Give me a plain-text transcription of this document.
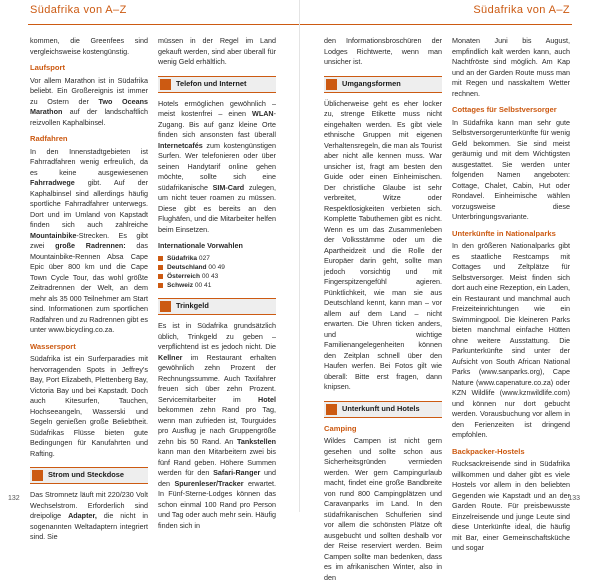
Südafrika von A–Z

kommen, die Greenfees sind vergleichsweise kostengünstig.

Laufsport

Vor allem Marathon ist in Südafrika beliebt. Ein Großereignis ist immer zu Ostern der Two Oceans Marathon auf der landschaftlich reizvollen Kaphalbinsel.

Radfahren

In den Innenstadtgebieten ist Fahrradfahren wenig erfreulich, da es keine ausgewiesenen Fahrradwege gibt. Auf der Kaphalbinsel sind allerdings häufig sportliche Fahrradfahrer unterwegs. Dort und im Umland von Kapstadt finden sich auch zahlreiche Mountainbike-Strecken. Es gibt zwei große Radrennen: das Mountainbike-Rennen Absa Cape Epic über 800 km und die Cape Town Cycle Tour, das wohl größte Zeitradrennen der Welt, an dem mehr als 35 000 Teilnehmer am Start sind. Informationen zum sportlichen Radfahren und zu Radrennen gibt es unter www.bicycling.co.za.

Wassersport

Südafrika ist ein Surferparadies mit hervorragenden Spots in Jeffrey's Bay, Port Elizabeth, Plettenberg Bay, Victoria Bay und bei Kapstadt. Doch auch Kitesurfen, Tauchen, Hochseeangeln, Wasserski und Segeln genießen große Beliebtheit. Südafrikas Flüsse bieten gute Bedingungen für Kanufahrten und Rafting.

Strom und Steckdose

Das Stromnetz läuft mit 220/230 Volt Wechselstrom. Erforderlich sind dreipolige Adapter, die nicht in sogenannten Weltadaptern integriert sind. Sie

müssen in der Regel im Land gekauft werden, sind aber überall für wenig Geld erhältlich.

Telefon und Internet

Hotels ermöglichen gewöhnlich – meist kostenfrei – einen WLAN-Zugang. Bis auf ganz kleine Orte finden sich ansonsten fast überall Internetcafés zum kostengünstigen Surfen. Wer telefonieren oder über seinen Handytarif online gehen möchte, sollte sich eine südafrikanische SIM-Card zulegen, um nicht teuer roamen zu müssen. Diese gibt es bereits an den Flughäfen, und die Mitarbeiter helfen beim Einsetzen.

Internationale Vorwahlen
Südafrika 027
Deutschland 00 49
Österreich 00 43
Schweiz 00 41
Trinkgeld

Es ist in Südafrika grundsätzlich üblich, Trinkgeld zu geben – verpflichtend ist es jedoch nicht. Die Kellner im Restaurant erhalten gewöhnlich zehn Prozent der Rechnungssumme. Auch Taxifahrer freuen sich über zehn Prozent. Servicemitarbeiter im Hotel bekommen zehn Rand pro Tag, wenn man zufrieden ist, Tourguides pro Ausflug je nach Gruppengröße zehn bis 50 Rand. An Tankstellen kann man den Mitarbeitern zwei bis fünf Rand geben. Höhere Summen werden für den Safari-Ranger und den Spurenleser/Tracker erwartet. In Fünf-Sterne-Lodges können das schon einmal 100 Rand pro Person und Tag oder auch mehr sein. Häufig finden sich in

132
Südafrika von A–Z

den Informationsbroschüren der Lodges Richtwerte, wenn man unsicher ist.

Umgangsformen

Üblicherweise geht es eher locker zu, strenge Etikette muss nicht eingehalten werden. Es gibt viele ethnische Gruppen mit eigenen Verhaltensregeln, die man als Tourist aber nicht alle kennen muss. War unsicher ist, fragt am besten den Guide oder einen Einheimischen. Der christliche Glaube ist sehr verbreitet, Witze oder Respektlosigkeiten verbieten sich. Komplette Tabuthemen gibt es nicht. Wenn es um das Zusammenleben der Volksstämme oder um die Apartheidzeit und die Rolle der Europäer darin geht, sollte man jedoch vorsichtig und mit Fingerspitzengefühl agieren. Pünktlichkeit, wie man sie aus Deutschland kennt, kann man – vor allem auf dem Land – nicht erwarten. Die Uhren ticken anders, und wichtige Familienangelegenheiten können den Zeitplan schnell über den Haufen werfen. Bei Fotos gilt wie überall: Bitte erst fragen, dann knipsen.

Unterkunft und Hotels
Camping

Wildes Campen ist nicht gern gesehen und sollte schon aus Sicherheitsgründen vermieden werden. Wer gern Campingurlaub macht, findet eine große Bandbreite von rund 800 Campingplätzen und Caravanparks im Land. In den südafrikanischen Schulferien sind vor allem die schönsten Plätze oft ausgebucht und sollten deshalb vor der Reise reserviert werden. Beim Campen sollte man bedenken, dass es im afrikanischen Winter, also in den

Monaten Juni bis August, empfindlich kalt werden kann, auch Nachtfröste sind möglich. Am Kap und an der Garden Route muss man mit Regen und nasskaltem Wetter rechnen.

Cottages für Selbstversorger

In Südafrika kann man sehr gute Selbstversorgerunterkünfte für wenig Geld bekommen. Sie sind meist geräumig und mit dem Wichtigsten ausgestattet. Sie werden unter folgenden Namen angeboten: Cottage, Chalet, Cabin, Hut oder Rondavel. Einheimische wählen vorzugsweise diese Unterbringungsvariante.

Unterkünfte in Nationalparks

In den größeren Nationalparks gibt es staatliche Restcamps mit Cottages und Zeltplätze für Selbstversorger. Meist finden sich dort auch eine Rezeption, ein Laden, ein Restaurant und manchmal auch Freizeiteinrichtungen wie ein Swimmingpool. Die kleineren Parks bieten manchmal einfache Hütten ohne weitere Ausstattung. Die Parkunterkünfte sind unter der Aufsicht von South African National Parks (www.sanparks.org), Cape Nature (www.capenature.co.za) oder KZN Wildlife (www.kznwildlife.com) und können nur dort gebucht werden. Vorausbuchung vor allem in den Ferienzeiten ist dringend empfohlen.

Backpacker-Hostels

Rucksackreisende sind in Südafrika willkommen und daher gibt es viele Hostels vor allem in den beliebten Gegenden wie Kapstadt und an der Garden Route. Für preisbewusste Einzelreisende und junge Leute sind diese Unterkünfte ideal, die häufig mit Bar, einer Gemeinschaftsküche und sogar

133
